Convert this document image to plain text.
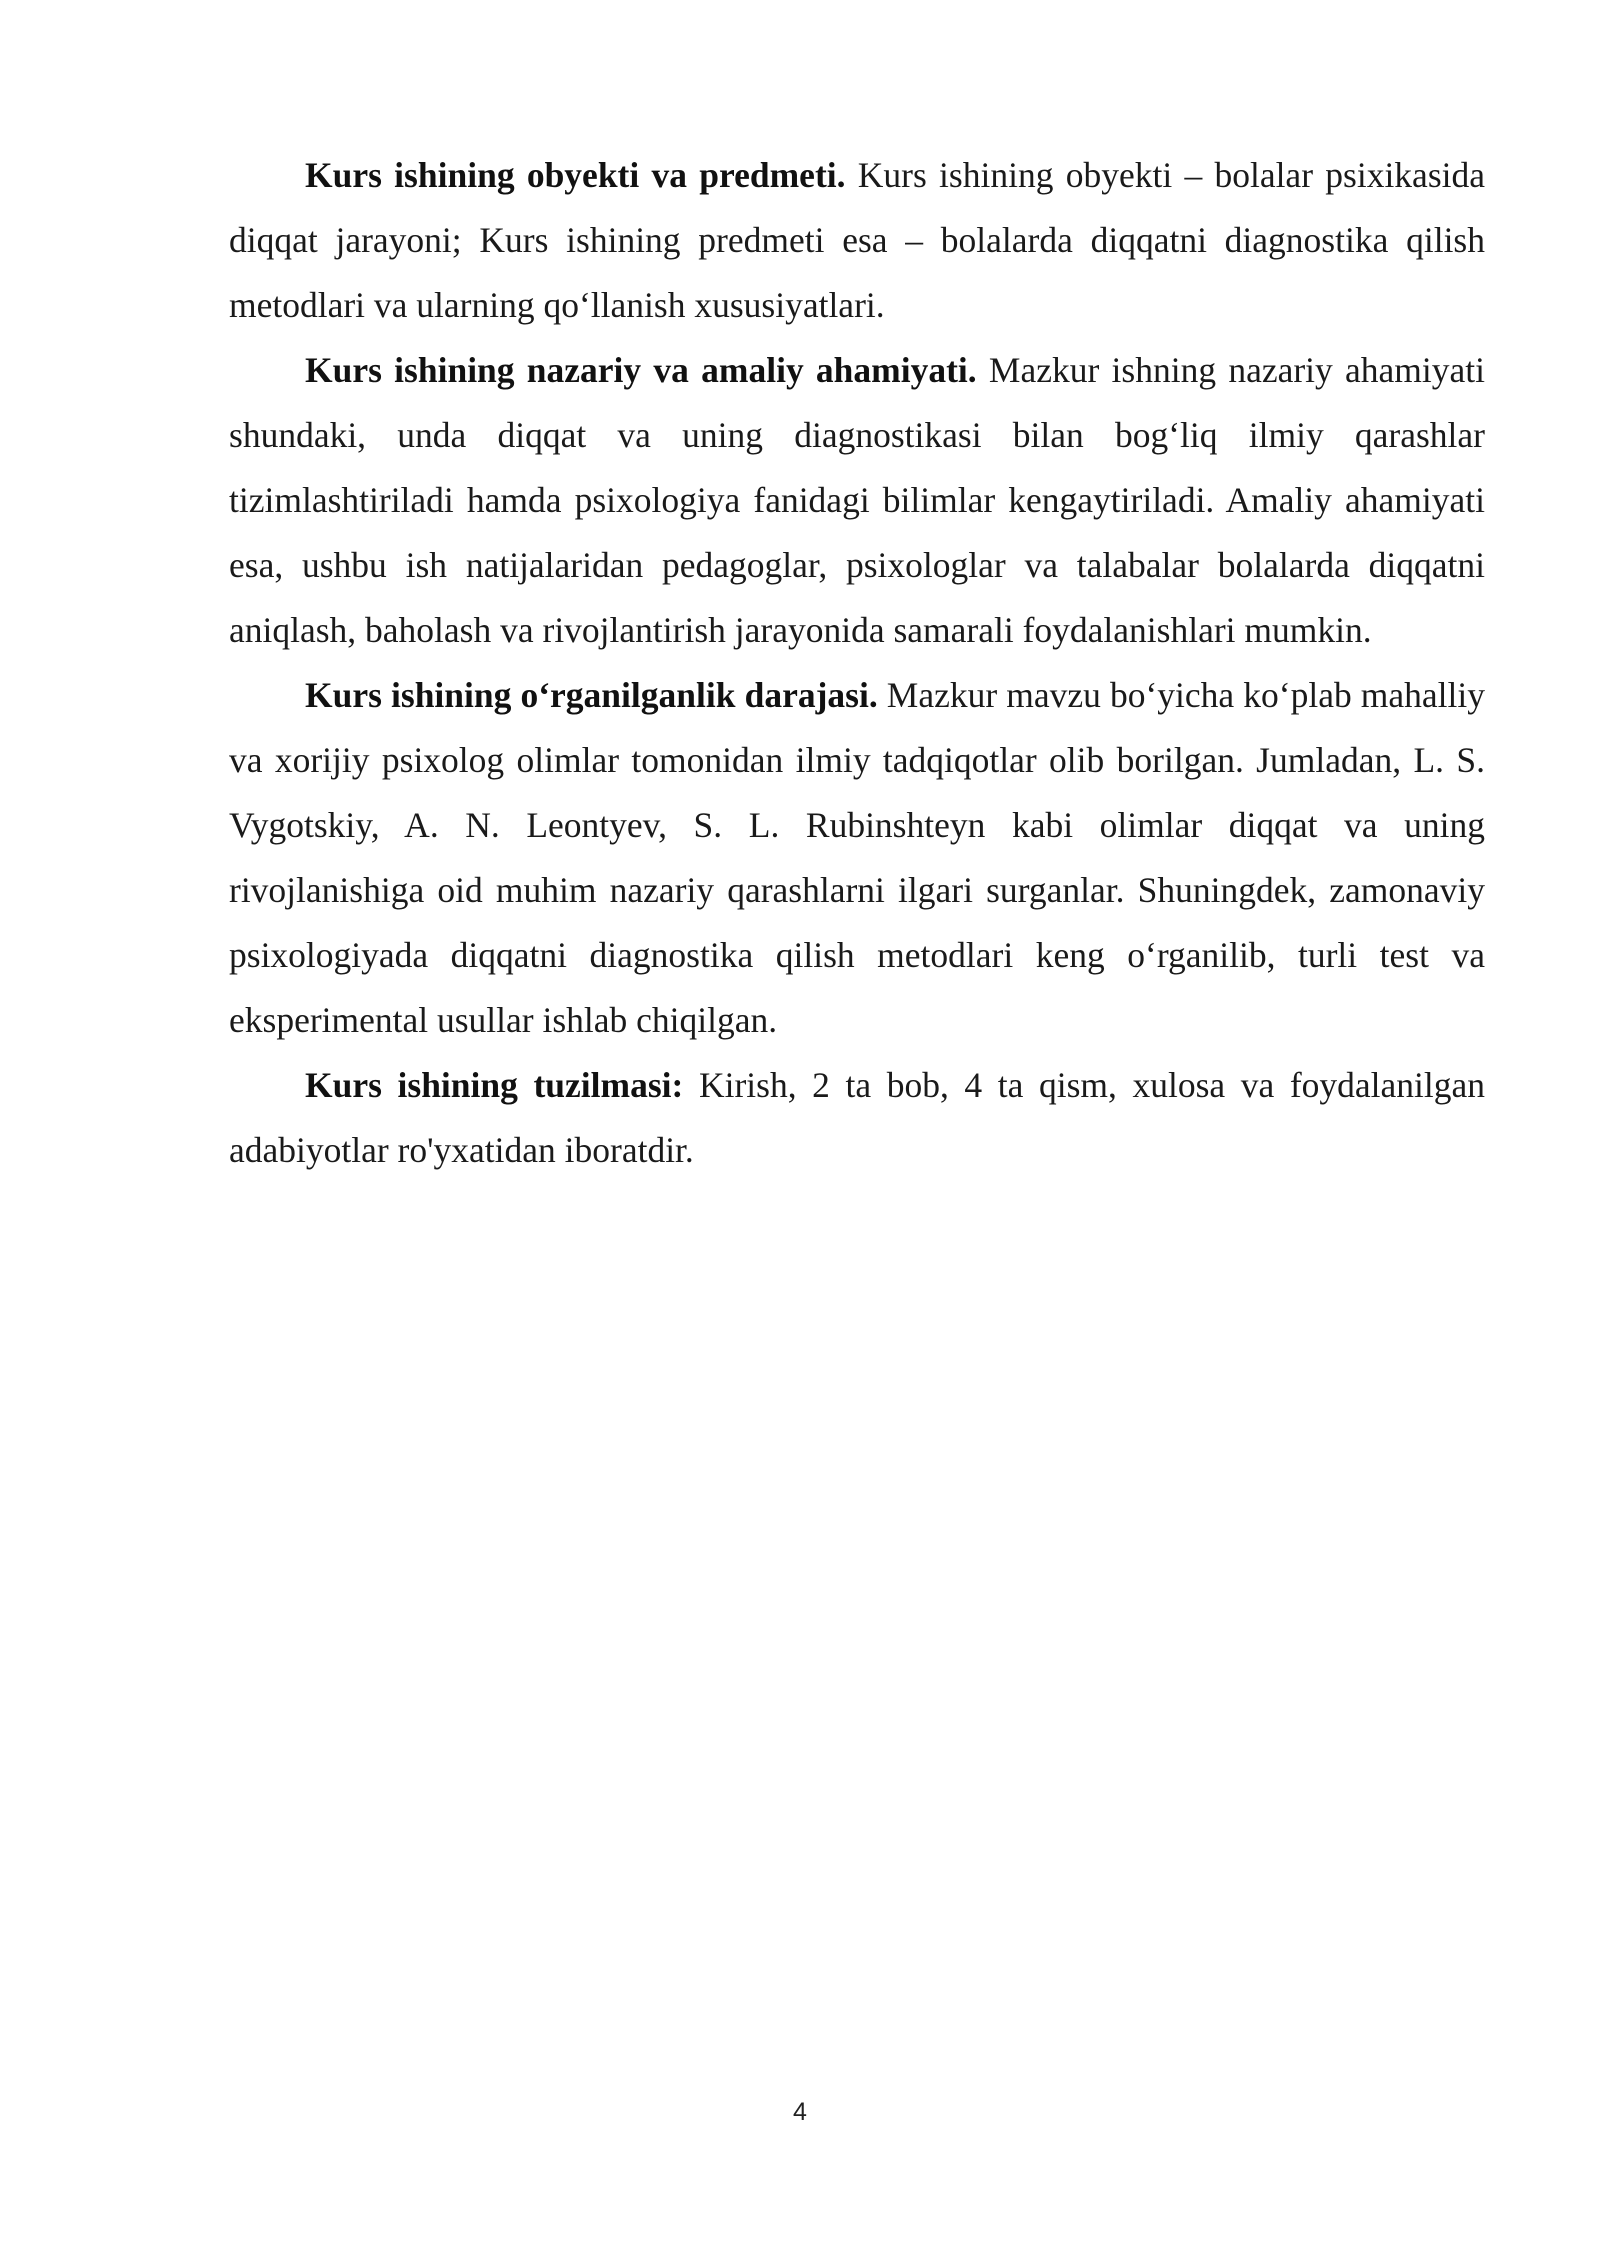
Kurs ishining obyekti va predmeti. Kurs ishining obyekti – bolalar psixikasida diqqat jarayoni; Kurs ishining predmeti esa – bolalarda diqqatni diagnostika qilish metodlari va ularning qo‘llanish xususiyatlari.

Kurs ishining nazariy va amaliy ahamiyati. Mazkur ishning nazariy ahamiyati shundaki, unda diqqat va uning diagnostikasi bilan bog‘liq ilmiy qarashlar tizimlashtiriladi hamda psixologiya fanidagi bilimlar kengaytiriladi. Amaliy ahamiyati esa, ushbu ish natijalaridan pedagoglar, psixologlar va talabalar bolalarda diqqatni aniqlash, baholash va rivojlantirish jarayonida samarali foydalanishlari mumkin.

Kurs ishining o‘rganilganlik darajasi. Mazkur mavzu bo‘yicha ko‘plab mahalliy va xorijiy psixolog olimlar tomonidan ilmiy tadqiqotlar olib borilgan. Jumladan, L. S. Vygotskiy, A. N. Leontyev, S. L. Rubinshteyn kabi olimlar diqqat va uning rivojlanishiga oid muhim nazariy qarashlarni ilgari surganlar. Shuningdek, zamonaviy psixologiyada diqqatni diagnostika qilish metodlari keng o‘rganilib, turli test va eksperimental usullar ishlab chiqilgan.

Kurs ishining tuzilmasi: Kirish, 2 ta bob, 4 ta qism, xulosa va foydalanilgan adabiyotlar ro'yxatidan iboratdir.

4
